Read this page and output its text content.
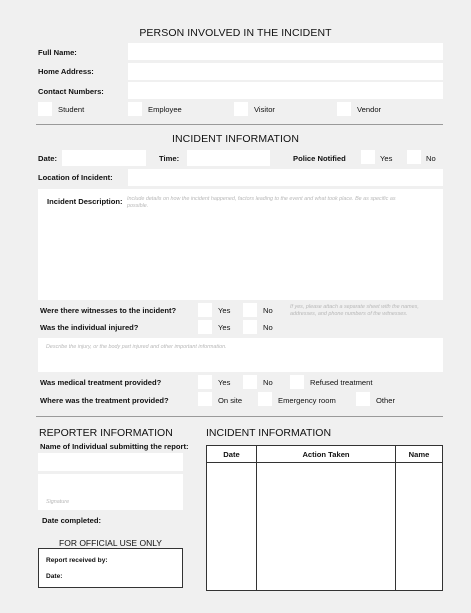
PERSON INVOLVED IN THE INCIDENT
Full Name:
Home Address:
Contact Numbers:
Student	Employee	Visitor	Vendor
INCIDENT INFORMATION
Date:	Time:	Police Notified	Yes	No
Location of Incident:
Incident Description: Include details on how the incident happened, factors leading to the event and what took place. Be as specific as possible.
Were there witnesses to the incident?	Yes	No	If yes, please attach a separate sheet with the names, addresses, and phone numbers of the witnesses.
Was the individual injured?	Yes	No
Describe the injury, or the body part injured and other important information.
Was medical treatment provided?	Yes	No	Refused treatment
Where was the treatment provided?	On site	Emergency room	Other
REPORTER INFORMATION
Name of Individual submitting the report:
Signature
Date completed:
FOR OFFICIAL USE ONLY
Report received by:
Date:
INCIDENT INFORMATION
Date	Action Taken	Name
